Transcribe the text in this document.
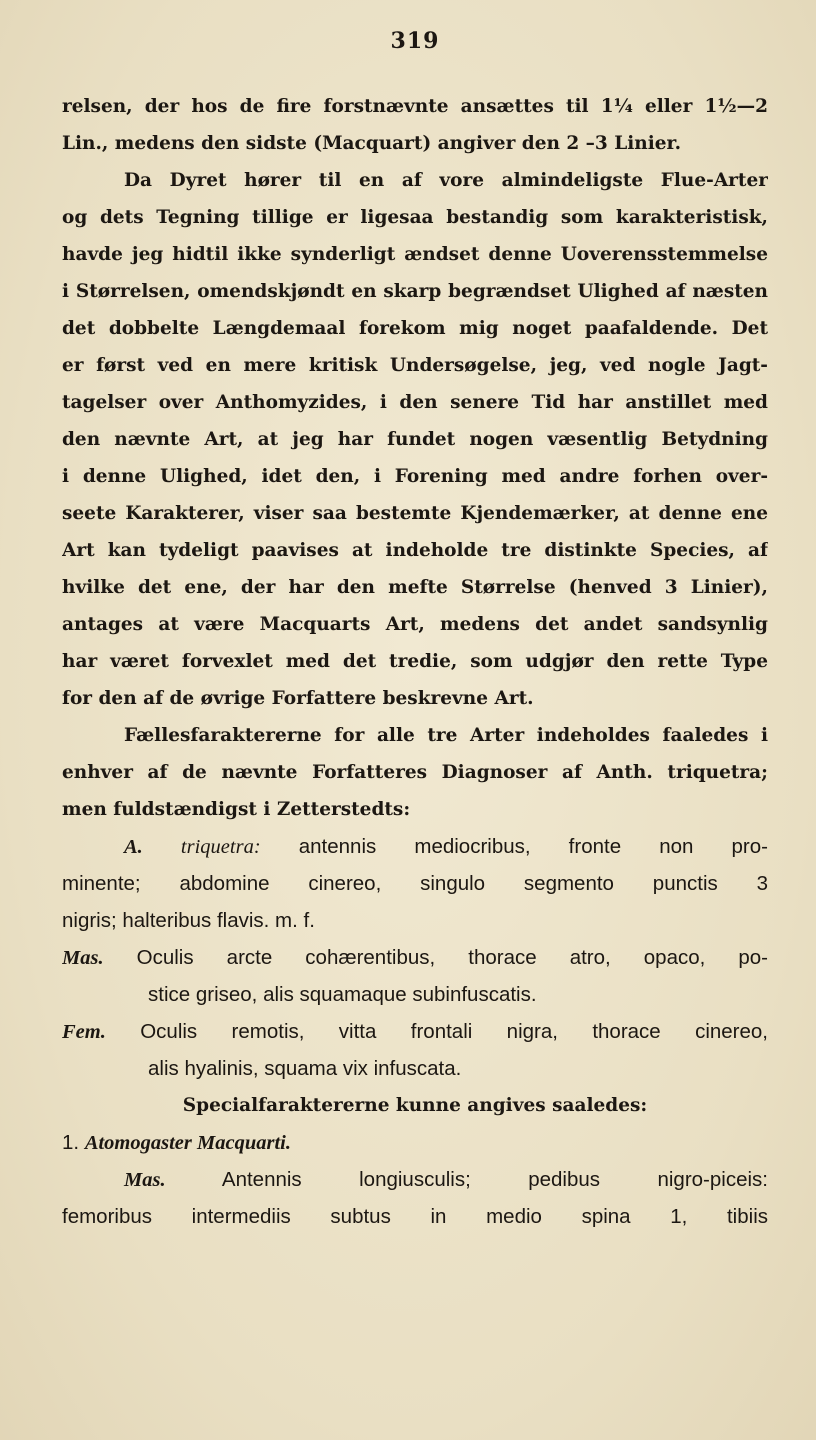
319
relsen, der hos de fire forstnævnte ansættes til 1¼ eller 1½—2
Lin., medens den sidste (Macquart) angiver den 2 –3 Linier.
Da Dyret hører til en af vore almindeligste Flue-Arter
og dets Tegning tillige er ligesaa bestandig som karakteristisk,
havde jeg hidtil ikke synderligt ændset denne Uoverensstemmelse
i Størrelsen, omendskjøndt en skarp begrændset Ulighed af næsten
det dobbelte Længdemaal forekom mig noget paafaldende. Det
er først ved en mere kritisk Undersøgelse, jeg, ved nogle Jagt-
tagelser over Anthomyzides, i den senere Tid har anstillet med
den nævnte Art, at jeg har fundet nogen væsentlig Betydning
i denne Ulighed, idet den, i Forening med andre forhen over-
seete Karakterer, viser saa bestemte Kjendemærker, at denne ene
Art kan tydeligt paavises at indeholde tre distinkte Species, af
hvilke det ene, der har den mefte Størrelse (henved 3 Linier),
antages at være Macquarts Art, medens det andet sandsynlig
har været forvexlet med det tredie, som udgjør den rette Type
for den af de øvrige Forfattere beskrevne Art.
Fællesfaraktererne for alle tre Arter indeholdes faaledes i
enhver af de nævnte Forfatteres Diagnoser af Anth. triquetra;
men fuldstændigst i Zetterstedts:
A. triquetra: antennis mediocribus, fronte non pro-
minente; abdomine cinereo, singulo segmento punctis 3
nigris; halteribus flavis. m. f.
Mas. Oculis arcte cohærentibus, thorace atro, opaco, po-
stice griseo, alis squamaque subinfuscatis.
Fem. Oculis remotis, vitta frontali nigra, thorace cinereo,
alis hyalinis, squama vix infuscata.
Specialfaraktererne kunne angives saaledes:
1. Atomogaster Macquarti.
Mas.	Antennis longiusculis; pedibus nigro-piceis:
femoribus intermediis subtus in medio spina 1, tibiis
